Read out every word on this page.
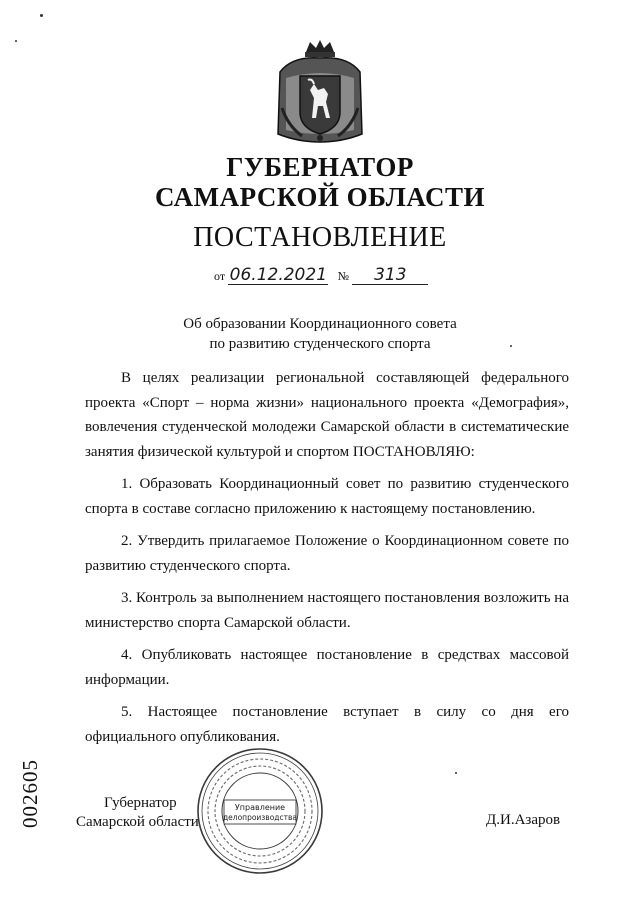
ГУБЕРНАТОР
САМАРСКОЙ ОБЛАСТИ
ПОСТАНОВЛЕНИЕ
от 06.12.2021 № 313
Об образовании Координационного совета
по развитию студенческого спорта

В целях реализации региональной составляющей федерального проекта «Спорт – норма жизни» национального проекта «Демография», вовлечения студенческой молодежи Самарской области в систематические занятия физической культурой и спортом ПОСТАНОВЛЯЮ:

1. Образовать Координационный совет по развитию студенческого спорта в составе согласно приложению к настоящему постановлению.

2. Утвердить прилагаемое Положение о Координационном совете по развитию студенческого спорта.

3. Контроль за выполнением настоящего постановления возложить на министерство спорта Самарской области.

4. Опубликовать настоящее постановление в средствах массовой информации.

5. Настоящее постановление вступает в силу со дня его официального опубликования.

Губернатор
Самарской области	Д.И.Азаров
Управление
делопроизводства
002605
